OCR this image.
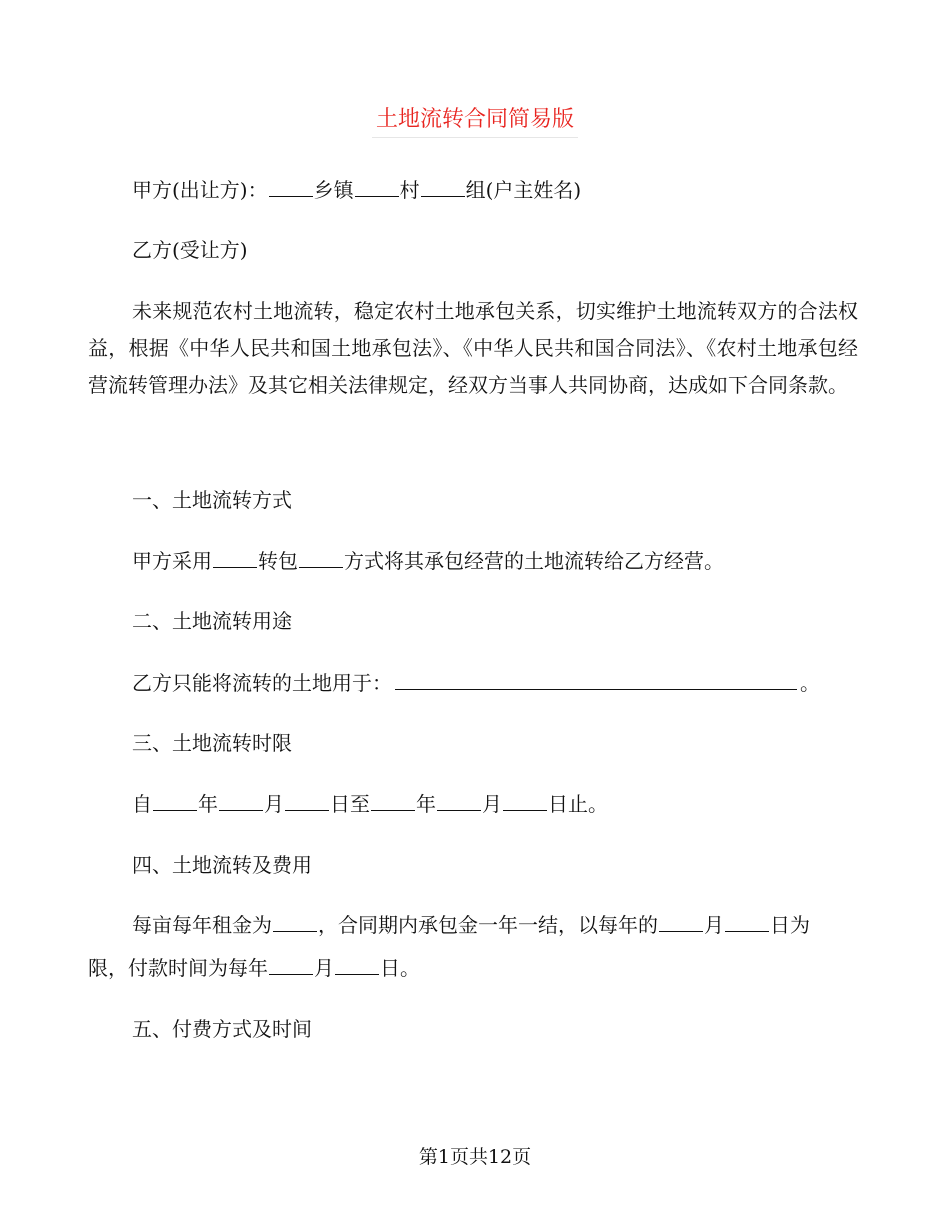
土地流转合同简易版

甲方(出让方)： 乡镇 村 组(户主姓名)

乙方(受让方)

未来规范农村土地流转，稳定农村土地承包关系，切实维护土地流转双方的合法权益，根据《中华人民共和国土地承包法》、《中华人民共和国合同法》、《农村土地承包经营流转管理办法》及其它相关法律规定，经双方当事人共同协商，达成如下合同条款。

一、土地流转方式

甲方采用 转包 方式将其承包经营的土地流转给乙方经营。

二、土地流转用途

乙方只能将流转的土地用于：	。

三、土地流转时限

自 年 月 日至 年 月 日止。

四、土地流转及费用

每亩每年租金为 ，合同期内承包金一年一结，以每年的 月 日为

限，付款时间为每年 月 日。

五、付费方式及时间

第1页共12页
